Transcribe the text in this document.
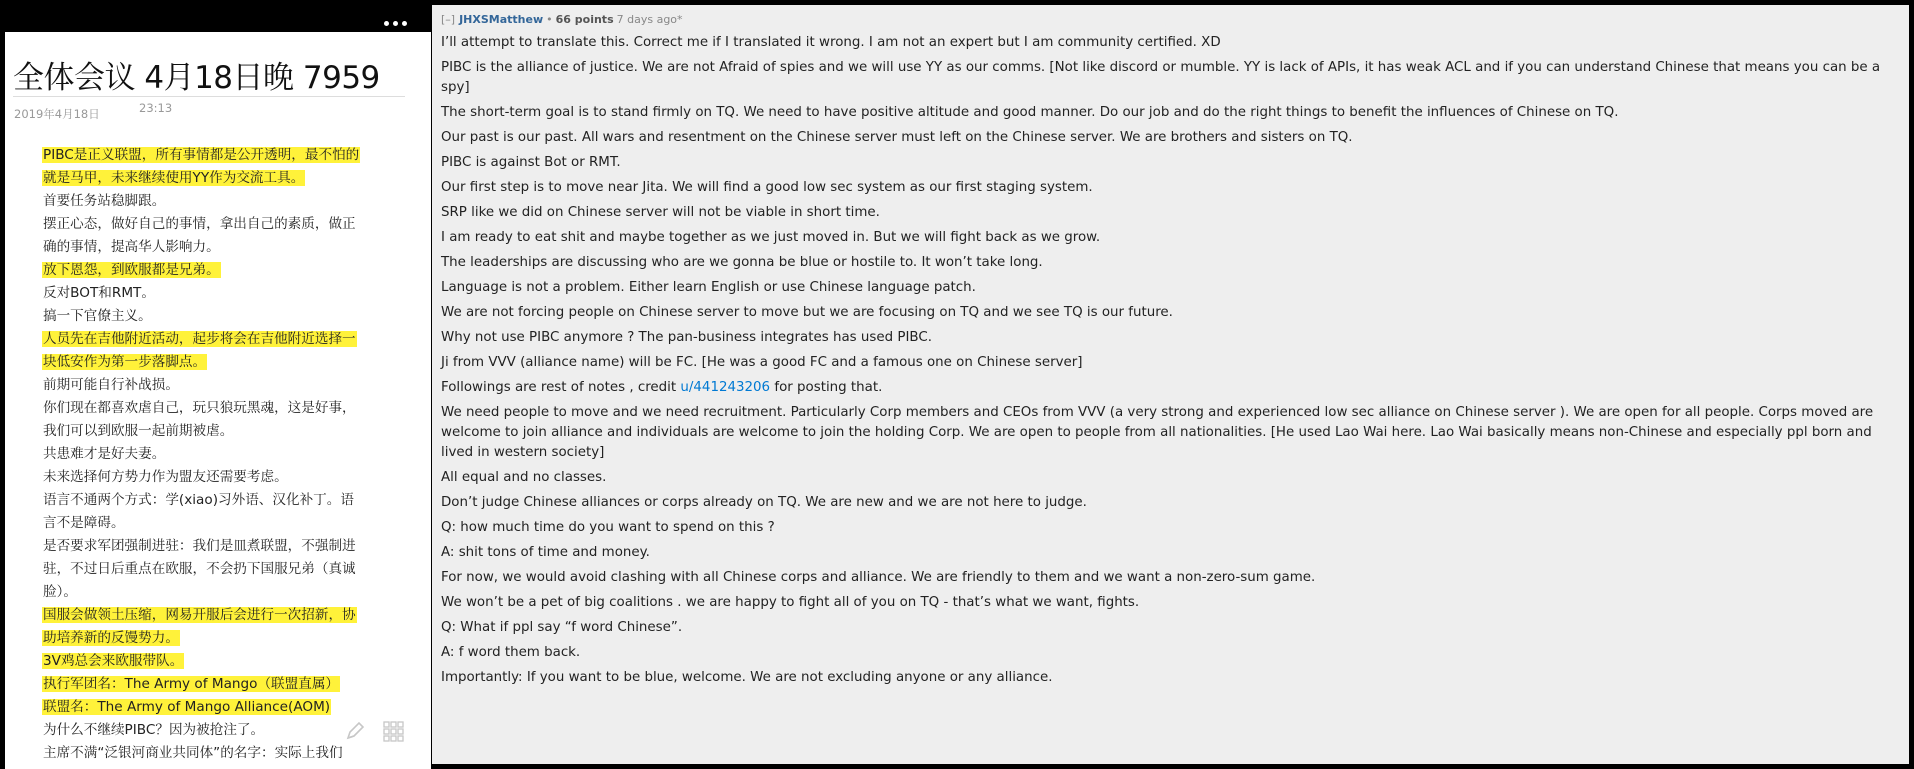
全体会议 4月18日晚 7959
2019年4月18日	23:13
PIBC是正义联盟，所有事情都是公开透明，最不怕的
就是马甲，未来继续使用YY作为交流工具。
首要任务站稳脚跟。
摆正心态，做好自己的事情，拿出自己的素质，做正
确的事情，提高华人影响力。
放下恩怨，到欧服都是兄弟。
反对BOT和RMT。
搞一下官僚主义。
人员先在吉他附近活动，起步将会在吉他附近选择一
块低安作为第一步落脚点。
前期可能自行补战损。
你们现在都喜欢虐自己，玩只狼玩黑魂，这是好事，
我们可以到欧服一起前期被虐。
共患难才是好夫妻。
未来选择何方势力作为盟友还需要考虑。
语言不通两个方式：学(xiao)习外语、汉化补丁。语
言不是障碍。
是否要求军团强制进驻：我们是皿煮联盟，不强制进
驻，不过日后重点在欧服，不会扔下国服兄弟（真诚
脸）。
国服会做领土压缩，网易开服后会进行一次招新，协
助培养新的反馒势力。
3V鸡总会来欧服带队。
执行军团名：The Army of Mango（联盟直属）
联盟名：The Army of Mango Alliance(AOM)
为什么不继续PIBC？因为被抢注了。
主席不满“泛银河商业共同体”的名字：实际上我们
[–] JHXSMatthew • 66 points 7 days ago*

I’ll attempt to translate this. Correct me if I translated it wrong. I am not an expert but I am community certified. XD

PIBC is the alliance of justice. We are not Afraid of spies and we will use YY as our comms. [Not like discord or mumble. YY is lack of APIs, it has weak ACL and if you can understand Chinese that means you can be a spy]

The short-term goal is to stand firmly on TQ. We need to have positive altitude and good manner. Do our job and do the right things to benefit the influences of Chinese on TQ.

Our past is our past. All wars and resentment on the Chinese server must left on the Chinese server. We are brothers and sisters on TQ.

PIBC is against Bot or RMT.

Our first step is to move near Jita. We will find a good low sec system as our first staging system.

SRP like we did on Chinese server will not be viable in short time.

I am ready to eat shit and maybe together as we just moved in. But we will fight back as we grow.

The leaderships are discussing who are we gonna be blue or hostile to. It won’t take long.

Language is not a problem. Either learn English or use Chinese language patch.

We are not forcing people on Chinese server to move but we are focusing on TQ and we see TQ is our future.

Why not use PIBC anymore ? The pan-business integrates has used PIBC.

Ji from VVV (alliance name) will be FC. [He was a good FC and a famous one on Chinese server]

Followings are rest of notes , credit u/441243206 for posting that.

We need people to move and we need recruitment. Particularly Corp members and CEOs from VVV (a very strong and experienced low sec alliance on Chinese server ). We are open for all people. Corps moved are welcome to join alliance and individuals are welcome to join the holding Corp. We are open to people from all nationalities. [He used Lao Wai here. Lao Wai basically means non-Chinese and especially ppl born and lived in western society]

All equal and no classes.

Don’t judge Chinese alliances or corps already on TQ. We are new and we are not here to judge.

Q: how much time do you want to spend on this ?

A: shit tons of time and money.

For now, we would avoid clashing with all Chinese corps and alliance. We are friendly to them and we want a non-zero-sum game.

We won’t be a pet of big coalitions . we are happy to fight all of you on TQ - that’s what we want, fights.

Q: What if ppl say “f word Chinese”.

A: f word them back.

Importantly: If you want to be blue, welcome. We are not excluding anyone or any alliance.
